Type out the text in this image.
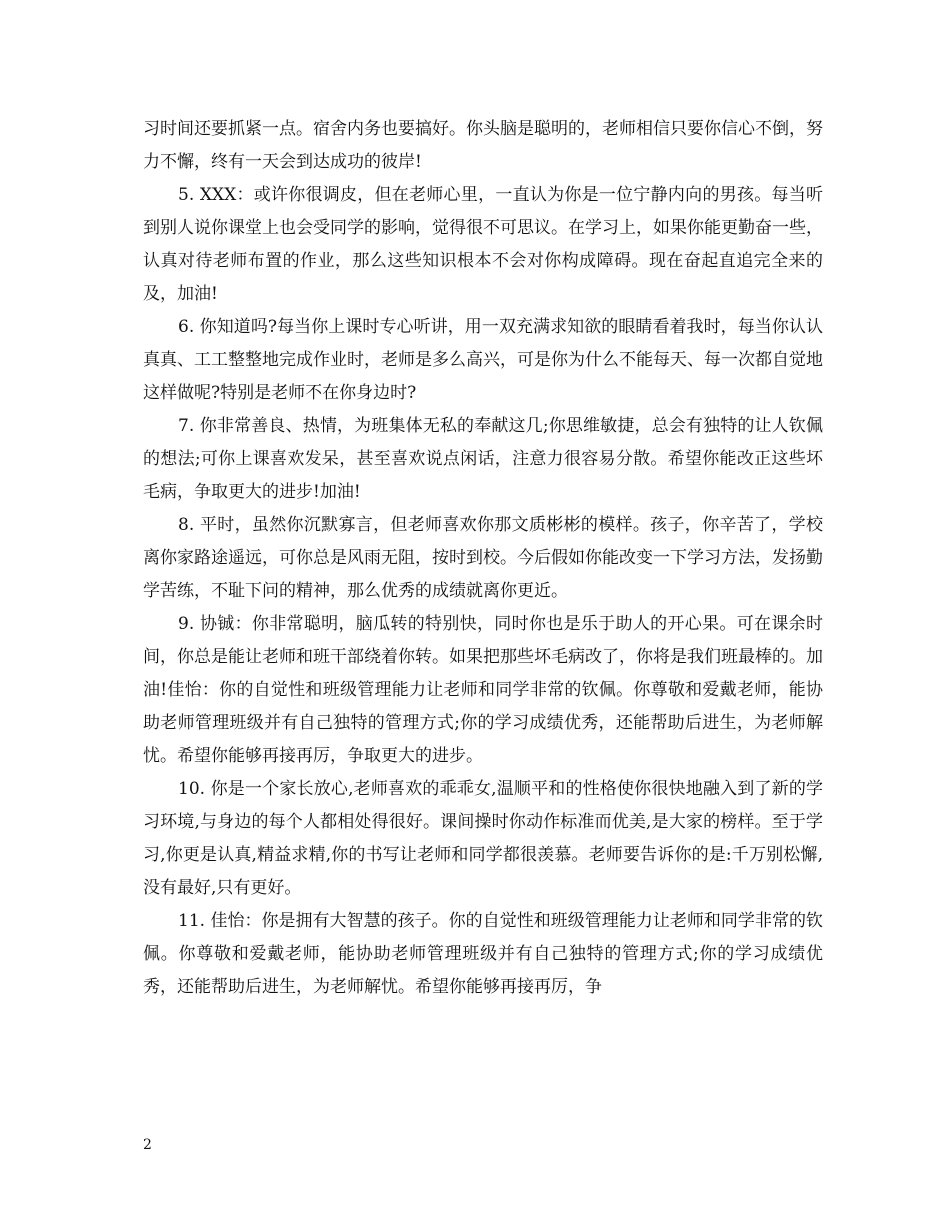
习时间还要抓紧一点。宿舍内务也要搞好。你头脑是聪明的，老师相信只要你信心不倒，努力不懈，终有一天会到达成功的彼岸!

5. XXX：或许你很调皮，但在老师心里，一直认为你是一位宁静内向的男孩。每当听到别人说你课堂上也会受同学的影响，觉得很不可思议。在学习上，如果你能更勤奋一些，认真对待老师布置的作业，那么这些知识根本不会对你构成障碍。现在奋起直追完全来的及，加油!

6. 你知道吗?每当你上课时专心听讲，用一双充满求知欲的眼睛看着我时，每当你认认真真、工工整整地完成作业时，老师是多么高兴，可是你为什么不能每天、每一次都自觉地这样做呢?特别是老师不在你身边时?

7. 你非常善良、热情，为班集体无私的奉献这几;你思维敏捷，总会有独特的让人钦佩的想法;可你上课喜欢发呆，甚至喜欢说点闲话，注意力很容易分散。希望你能改正这些坏毛病，争取更大的进步!加油!

8. 平时，虽然你沉默寡言，但老师喜欢你那文质彬彬的模样。孩子，你辛苦了，学校离你家路途遥远，可你总是风雨无阻，按时到校。今后假如你能改变一下学习方法，发扬勤学苦练，不耻下问的精神，那么优秀的成绩就离你更近。

9. 协铖：你非常聪明，脑瓜转的特别快，同时你也是乐于助人的开心果。可在课余时间，你总是能让老师和班干部绕着你转。如果把那些坏毛病改了，你将是我们班最棒的。加油!佳怡：你的自觉性和班级管理能力让老师和同学非常的钦佩。你尊敬和爱戴老师，能协助老师管理班级并有自己独特的管理方式;你的学习成绩优秀，还能帮助后进生，为老师解忧。希望你能够再接再厉，争取更大的进步。

10. 你是一个家长放心,老师喜欢的乖乖女,温顺平和的性格使你很快地融入到了新的学习环境,与身边的每个人都相处得很好。课间操时你动作标准而优美,是大家的榜样。至于学习,你更是认真,精益求精,你的书写让老师和同学都很羡慕。老师要告诉你的是:千万别松懈,没有最好,只有更好。

11. 佳怡：你是拥有大智慧的孩子。你的自觉性和班级管理能力让老师和同学非常的钦佩。你尊敬和爱戴老师，能协助老师管理班级并有自己独特的管理方式;你的学习成绩优秀，还能帮助后进生，为老师解忧。希望你能够再接再厉，争

2
